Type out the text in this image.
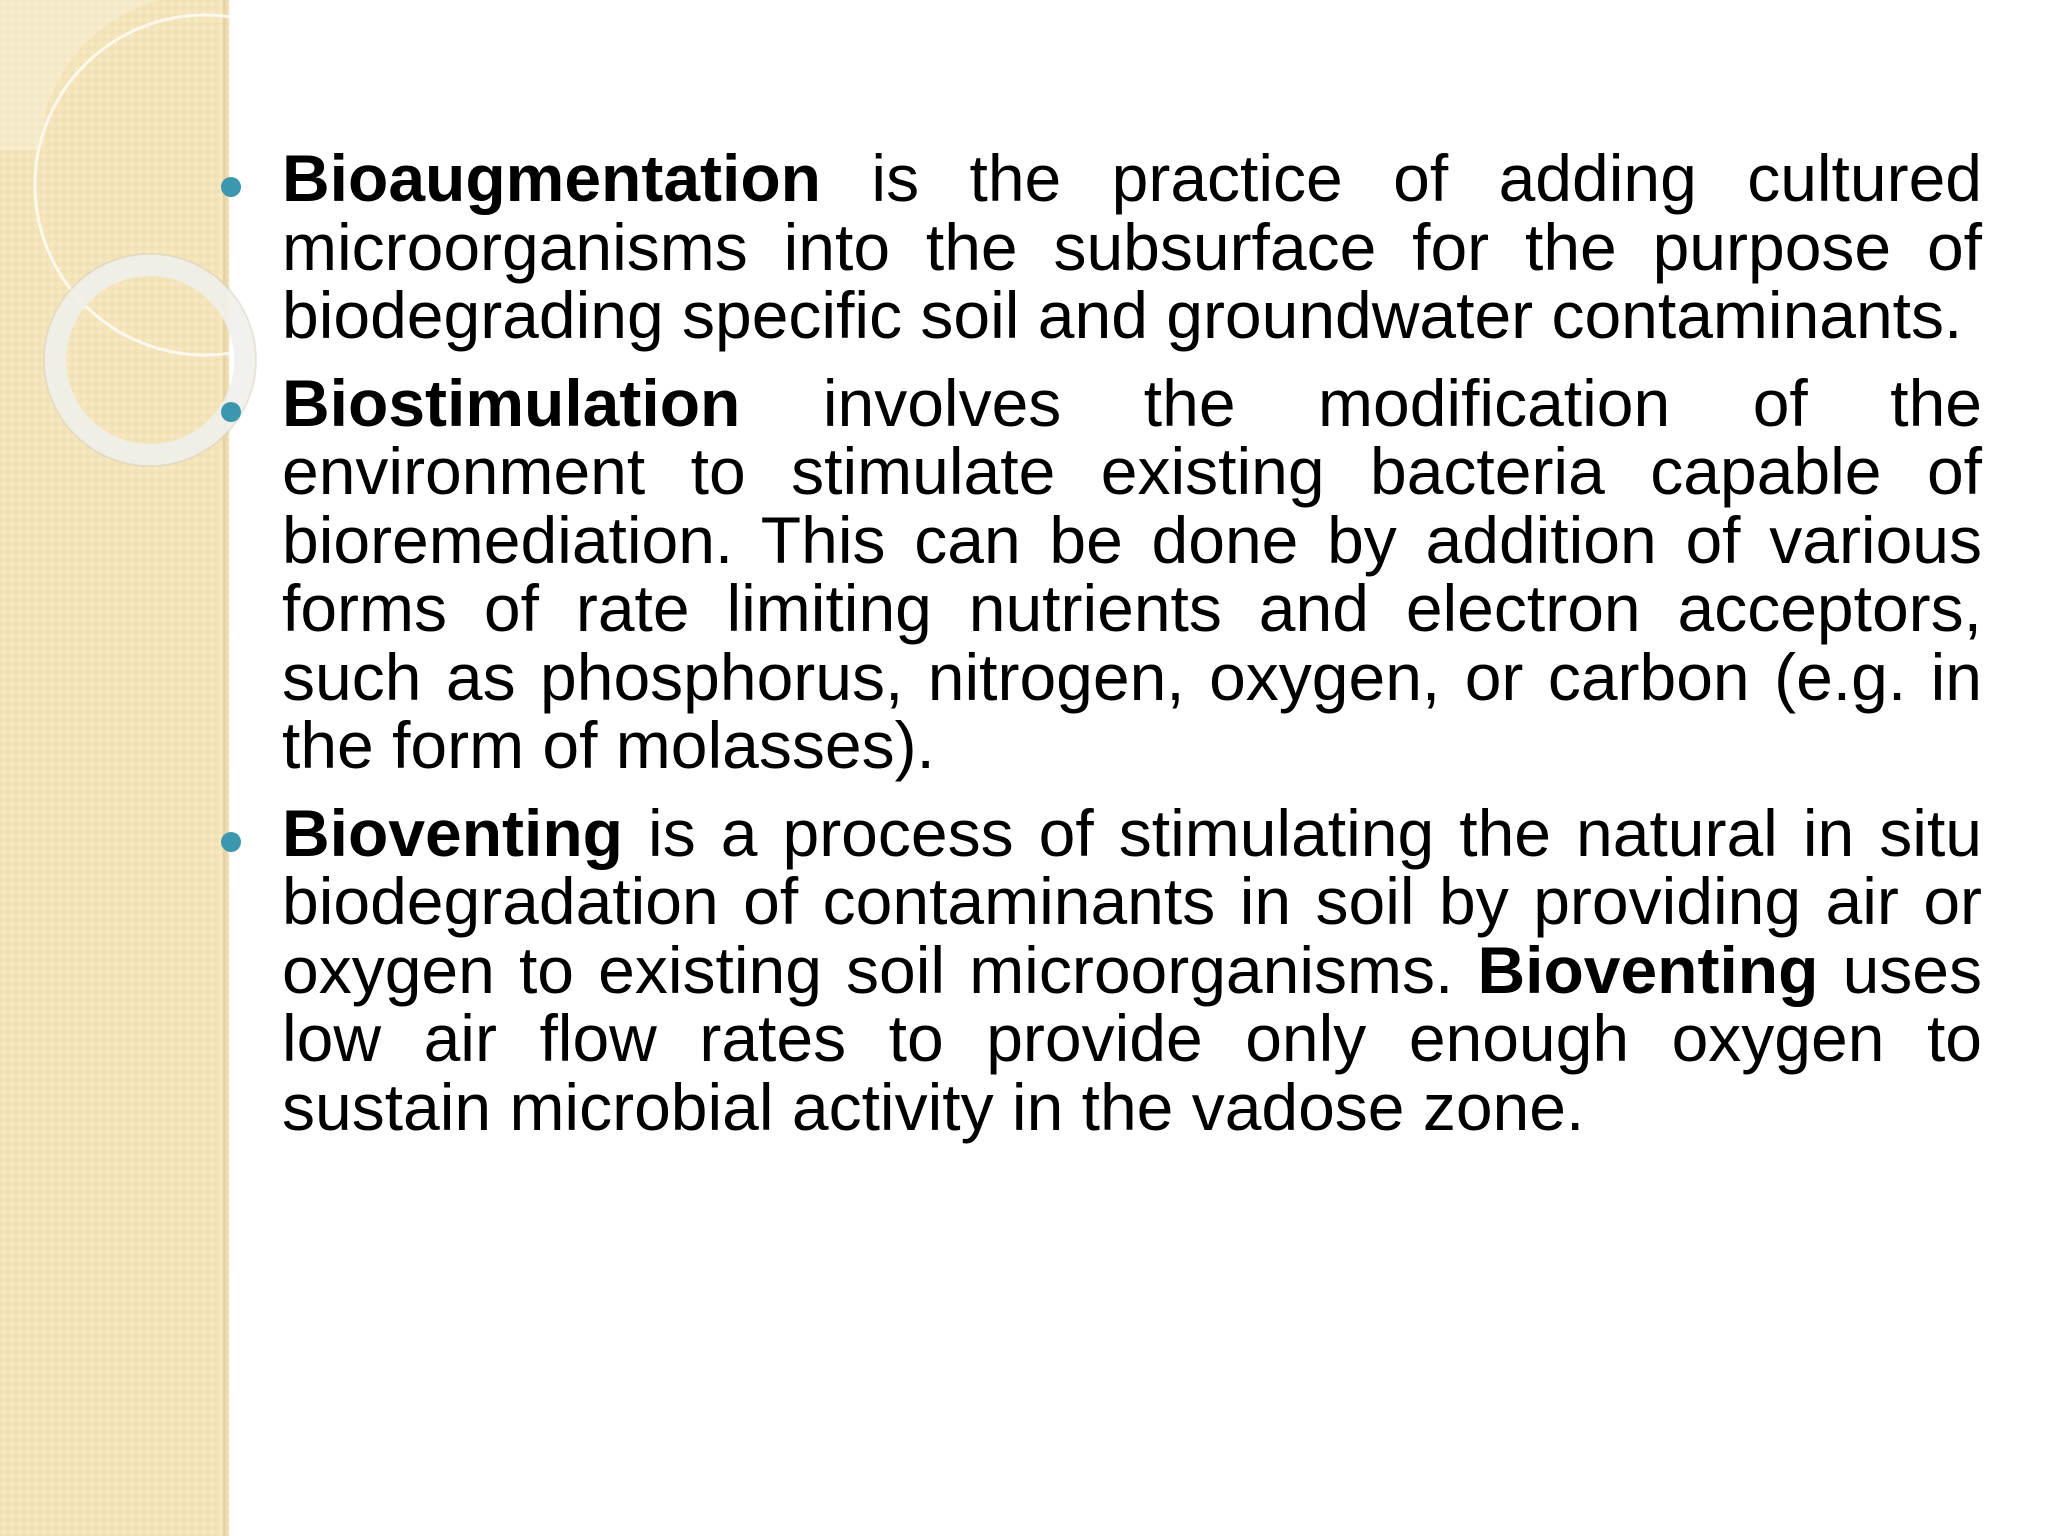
Bioaugmentation is the practice of adding cultured microorganisms into the subsurface for the purpose of biodegrading specific soil and groundwater contaminants.
Biostimulation involves the modification of the environment to stimulate existing bacteria capable of bioremediation. This can be done by addition of various forms of rate limiting nutrients and electron acceptors, such as phosphorus, nitrogen, oxygen, or carbon (e.g. in the form of molasses).
Bioventing is a process of stimulating the natural in situ biodegradation of contaminants in soil by providing air or oxygen to existing soil microorganisms. Bioventing uses low air flow rates to provide only enough oxygen to sustain microbial activity in the vadose zone.
